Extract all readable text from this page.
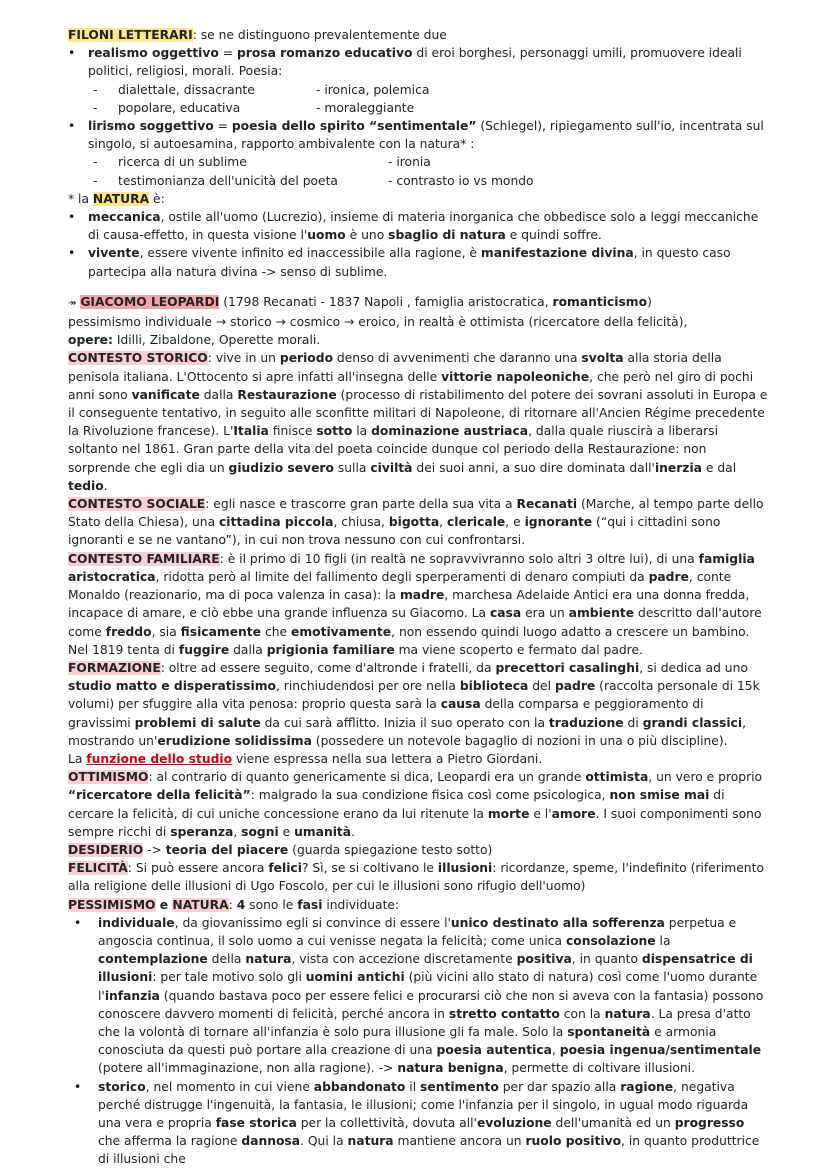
FILONI LETTERARI: se ne distinguono prevalentemente due

• realismo oggettivo = prosa romanzo educativo di eroi borghesi, personaggi umili, promuovere ideali politici, religiosi, morali. Poesia:
- dialettale, dissacrante	- ironica, polemica
- popolare, educativa	- moraleggiante
• lirismo soggettivo = poesia dello spirito “sentimentale” (Schlegel), ripiegamento sull'io, incentrata sul singolo, si autoesamina, rapporto ambivalente con la natura* :
- ricerca di un sublime	- ironia
- testimonianza dell'unicità del poeta	- contrasto io vs mondo

* la NATURA è:

• meccanica, ostile all'uomo (Lucrezio), insieme di materia inorganica che obbedisce solo a leggi meccaniche di causa-effetto, in questa visione l'uomo è uno sbaglio di natura e quindi soffre.
• vivente, essere vivente infinito ed inaccessibile alla ragione, è manifestazione divina, in questo caso partecipa alla natura divina -> senso di sublime.

↠ GIACOMO LEOPARDI (1798 Recanati - 1837 Napoli , famiglia aristocratica, romanticismo)

pessimismo individuale → storico → cosmico → eroico, in realtà è ottimista (ricercatore della felicità),

opere: Idilli, Zibaldone, Operette morali.

CONTESTO STORICO: vive in un periodo denso di avvenimenti che daranno una svolta alla storia della penisola italiana. L'Ottocento si apre infatti all'insegna delle vittorie napoleoniche, che però nel giro di pochi anni sono vanificate dalla Restaurazione (processo di ristabilimento del potere dei sovrani assoluti in Europa e il conseguente tentativo, in seguito alle sconfitte militari di Napoleone, di ritornare all'Ancien Régime precedente la Rivoluzione francese). L'Italia finisce sotto la dominazione austriaca, dalla quale riuscirà a liberarsi soltanto nel 1861. Gran parte della vita del poeta coincide dunque col periodo della Restaurazione: non sorprende che egli dia un giudizio severo sulla civiltà dei suoi anni, a suo dire dominata dall'inerzia e dal tedio.

CONTESTO SOCIALE: egli nasce e trascorre gran parte della sua vita a Recanati (Marche, al tempo parte dello Stato della Chiesa), una cittadina piccola, chiusa, bigotta, clericale, e ignorante (“qui i cittadini sono ignoranti e se ne vantano”), in cui non trova nessuno con cui confrontarsi.

CONTESTO FAMILIARE: è il primo di 10 figli (in realtà ne sopravvivranno solo altri 3 oltre lui), di una famiglia aristocratica, ridotta però al limite del fallimento degli sperperamenti di denaro compiuti da padre, conte Monaldo (reazionario, ma di poca valenza in casa): la madre, marchesa Adelaide Antici era una donna fredda, incapace di amare, e ciò ebbe una grande influenza su Giacomo. La casa era un ambiente descritto dall'autore come freddo, sia fisicamente che emotivamente, non essendo quindi luogo adatto a crescere un bambino. Nel 1819 tenta di fuggire dalla prigionia familiare ma viene scoperto e fermato dal padre.

FORMAZIONE: oltre ad essere seguito, come d'altronde i fratelli, da precettori casalinghi, si dedica ad uno studio matto e disperatissimo, rinchiudendosi per ore nella biblioteca del padre (raccolta personale di 15k volumi) per sfuggire alla vita penosa: proprio questa sarà la causa della comparsa e peggioramento di gravissimi problemi di salute da cui sarà afflitto. Inizia il suo operato con la traduzione di grandi classici, mostrando un'erudizione solidissima (possedere un notevole bagaglio di nozioni in una o più discipline).

La funzione dello studio viene espressa nella sua lettera a Pietro Giordani.

OTTIMISMO: al contrario di quanto genericamente si dica, Leopardi era un grande ottimista, un vero e proprio “ricercatore della felicità”: malgrado la sua condizione fisica così come psicologica, non smise mai di cercare la felicità, di cui uniche concessione erano da lui ritenute la morte e l'amore. I suoi componimenti sono sempre ricchi di speranza, sogni e umanità.

DESIDERIO -> teoria del piacere (guarda spiegazione testo sotto)

FELICITÀ: Si può essere ancora felici? Sì, se si coltivano le illusioni: ricordanze, speme, l'indefinito (riferimento alla religione delle illusioni di Ugo Foscolo, per cui le illusioni sono rifugio dell'uomo)

PESSIMISMO e NATURA: 4 sono le fasi individuate:

• individuale, da giovanissimo egli si convince di essere l'unico destinato alla sofferenza perpetua e angoscia continua, il solo uomo a cui venisse negata la felicità; come unica consolazione la contemplazione della natura, vista con accezione discretamente positiva, in quanto dispensatrice di illusioni: per tale motivo solo gli uomini antichi (più vicini allo stato di natura) così come l'uomo durante l'infanzia (quando bastava poco per essere felici e procurarsi ciò che non si aveva con la fantasia) possono conoscere davvero momenti di felicità, perché ancora in stretto contatto con la natura. La presa d'atto che la volontà di tornare all'infanzia è solo pura illusione gli fa male. Solo la spontaneità e armonia conosciuta da questi può portare alla creazione di una poesia autentica, poesia ingenua/sentimentale (potere all'immaginazione, non alla ragione). -> natura benigna, permette di coltivare illusioni.
• storico, nel momento in cui viene abbandonato il sentimento per dar spazio alla ragione, negativa perché distrugge l'ingenuità, la fantasia, le illusioni; come l'infanzia per il singolo, in ugual modo riguarda una vera e propria fase storica per la collettività, dovuta all'evoluzione dell'umanità ed un progresso che afferma la ragione dannosa. Qui la natura mantiene ancora un ruolo positivo, in quanto produttrice di illusioni che
